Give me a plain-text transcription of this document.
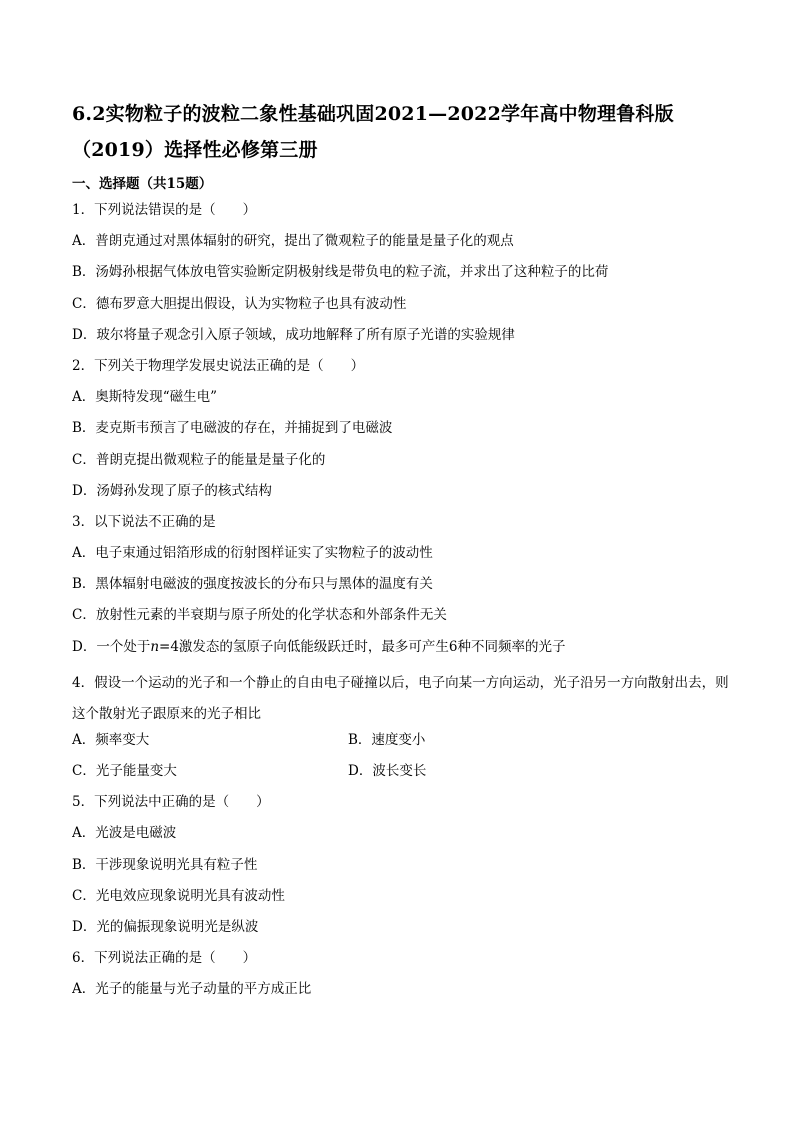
6.2实物粒子的波粒二象性基础巩固2021—2022学年高中物理鲁科版
（2019）选择性必修第三册
一、选择题（共15题）
1．下列说法错误的是（　　）
A．普朗克通过对黑体辐射的研究，提出了微观粒子的能量是量子化的观点
B．汤姆孙根据气体放电管实验断定阴极射线是带负电的粒子流，并求出了这种粒子的比荷
C．德布罗意大胆提出假设，认为实物粒子也具有波动性
D．玻尔将量子观念引入原子领域，成功地解释了所有原子光谱的实验规律
2．下列关于物理学发展史说法正确的是（　　）
A．奥斯特发现“磁生电”
B．麦克斯韦预言了电磁波的存在，并捕捉到了电磁波
C．普朗克提出微观粒子的能量是量子化的
D．汤姆孙发现了原子的核式结构
3．以下说法不正确的是
A．电子束通过铝箔形成的衍射图样证实了实物粒子的波动性
B．黑体辐射电磁波的强度按波长的分布只与黑体的温度有关
C．放射性元素的半衰期与原子所处的化学状态和外部条件无关
D．一个处于n=4激发态的氢原子向低能级跃迁时，最多可产生6种不同频率的光子
4．假设一个运动的光子和一个静止的自由电子碰撞以后，电子向某一方向运动，光子沿另一方向散射出去，则这个散射光子跟原来的光子相比
A．频率变大	B．速度变小
C．光子能量变大	D．波长变长
5．下列说法中正确的是（　　）
A．光波是电磁波
B．干涉现象说明光具有粒子性
C．光电效应现象说明光具有波动性
D．光的偏振现象说明光是纵波
6．下列说法正确的是（　　）
A．光子的能量与光子动量的平方成正比
